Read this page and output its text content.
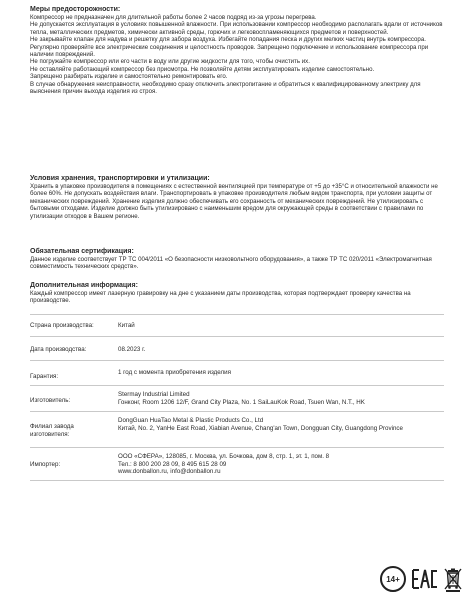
Меры предосторожности:

Компрессор не предназначен для длительной работы более 2 часов подряд из-за угрозы перегрева.

Не допускается эксплуатация в условиях повышенной влажности. При использовании компрессор необходимо располагать вдали от источников тепла, металлических предметов, химически активной среды, горючих и легковоспламеняющихся предметов и поверхностей.

Не закрывайте клапан для надува и решетку для забора воздуха. Избегайте попадания песка и других мелких частиц внутрь компрессора.

Регулярно проверяйте все электрические соединения и целостность проводов. Запрещено подключение и использование компрессора при наличии повреждений.

Не погружайте компрессор или его части в воду или другие жидкости для того, чтобы очистить их.

Не оставляйте работающий компрессор без присмотра. Не позволяйте детям эксплуатировать изделие самостоятельно.

Запрещено разбирать изделие и самостоятельно ремонтировать его.

В случае обнаружения неисправности, необходимо сразу отключить электропитание и обратиться к квалифицированному электрику для выяснения причин выхода изделия из строя.

Условия хранения, транспортировки и утилизации:

Хранить в упаковке производителя в помещениях с естественной вентиляцией при температуре от +5 до +35°С и относительной влажности не более 60%. Не допускать воздействия влаги. Транспортировать в упаковке производителя любым видом транспорта, при условии защиты от механических повреждений. Хранение изделия должно обеспечивать его сохранность от механических повреждений. Не утилизировать с бытовыми отходами. Изделие должно быть утилизировано с наименьшим вредом для окружающей среды в соответствии с правилами по утилизации отходов в Вашем регионе.

Обязательная сертификация:

Данное изделие соответствует ТР ТС 004/2011 «О безопасности низковольтного оборудования», а также ТР ТС 020/2011 «Электромагнитная совместимость технических средств».

Дополнительная информация:

Каждый компрессор имеет лазерную гравировку на дне с указанием даты производства, которая подтверждает проверку качества на производстве.

Страна производства:	Китай
Дата производства:	08.2023 г.
Гарантия:
1 год с момента приобретения изделия
Изготовитель:
Stermay Industrial Limited
Гонконг, Room 1206 12/F, Grand City Plaza, No. 1 SaiLauKok Road, Tsuen Wan, N.T., HK
Филиал завода изготовителя:
DongGuan HuaTao Metal & Plastic Products Co., Ltd
Китай, No. 2, YanHe East Road, Xiabian Avenue, Chang'an Town, Dongguan City, Guangdong Province
Импортер:
ООО «СФЕРА», 128085, г. Москва, ул. Бочкова, дом 8, стр. 1, эт. 1, пом. 8
Тел.: 8 800 200 28 09, 8 495 615 28 09
www.donballon.ru, info@donballon.ru
14+
